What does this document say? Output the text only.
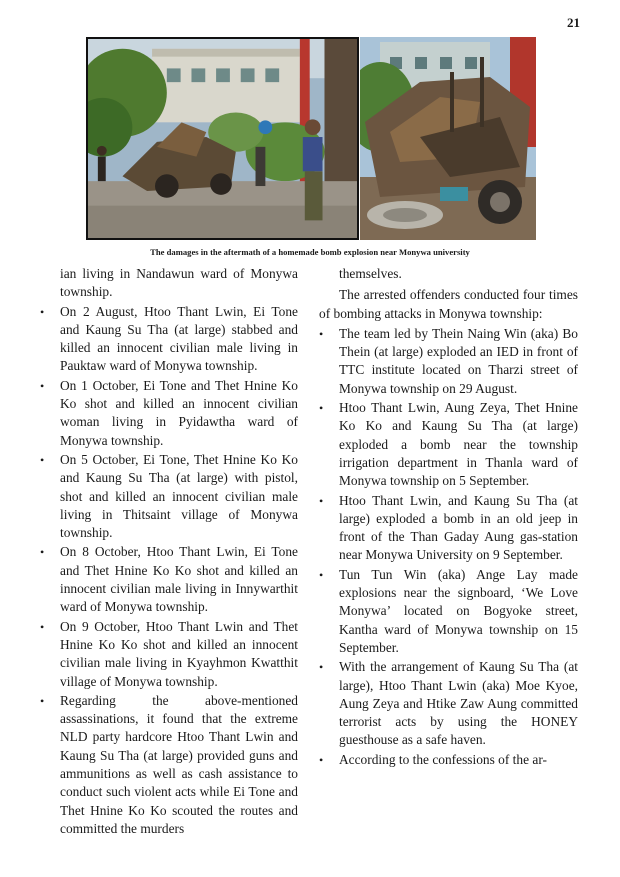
21
The damages in the aftermath of a homemade bomb explosion near Monywa university

ian living in Nandawun ward of Monywa township.

• On 2 August, Htoo Thant Lwin, Ei Tone and Kaung Su Tha (at large) stabbed and killed an innocent civilian male living in Pauktaw ward of Monywa township.
• On 1 October, Ei Tone and Thet Hnine Ko Ko shot and killed an innocent civilian woman living in Pyidawtha ward of Monywa township.
• On 5 October, Ei Tone, Thet Hnine Ko Ko and Kaung Su Tha (at large) with pistol, shot and killed an innocent civilian male living in Thitsaint village of Monywa township.
• On 8 October, Htoo Thant Lwin, Ei Tone and Thet Hnine Ko Ko shot and killed an innocent civilian male living in Innywarthit ward of Monywa township.
• On 9 October, Htoo Thant Lwin and Thet Hnine Ko Ko shot and killed an innocent civilian male living in Kyayhmon Kwatthit village of Monywa township.
• Regarding the above-mentioned assassinations, it found that the extreme NLD party hardcore Htoo Thant Lwin and Kaung Su Tha (at large) provided guns and ammunitions as well as cash assistance to conduct such violent acts while Ei Tone and Thet Hnine Ko Ko scouted the routes and committed the murders

themselves.

The arrested offenders conducted four times of bombing attacks in Monywa township:

• The team led by Thein Naing Win (aka) Bo Thein (at large) exploded an IED in front of TTC institute located on Tharzi street of Monywa township on 29 August.
• Htoo Thant Lwin, Aung Zeya, Thet Hnine Ko Ko and Kaung Su Tha (at large) exploded a bomb near the township irrigation department in Thanla ward of Monywa township on 5 September.
• Htoo Thant Lwin, and Kaung Su Tha (at large) exploded a bomb in an old jeep in front of the Than Gaday Aung gas-station near Monywa University on 9 September.
• Tun Tun Win (aka) Ange Lay made explosions near the signboard, ‘We Love Monywa’ located on Bogyoke street, Kantha ward of Monywa township on 15 September.
• With the arrangement of Kaung Su Tha (at large), Htoo Thant Lwin (aka) Moe Kyoe, Aung Zeya and Htike Zaw Aung committed terrorist acts by using the HONEY guesthouse as a safe haven.
• According to the confessions of the ar-
